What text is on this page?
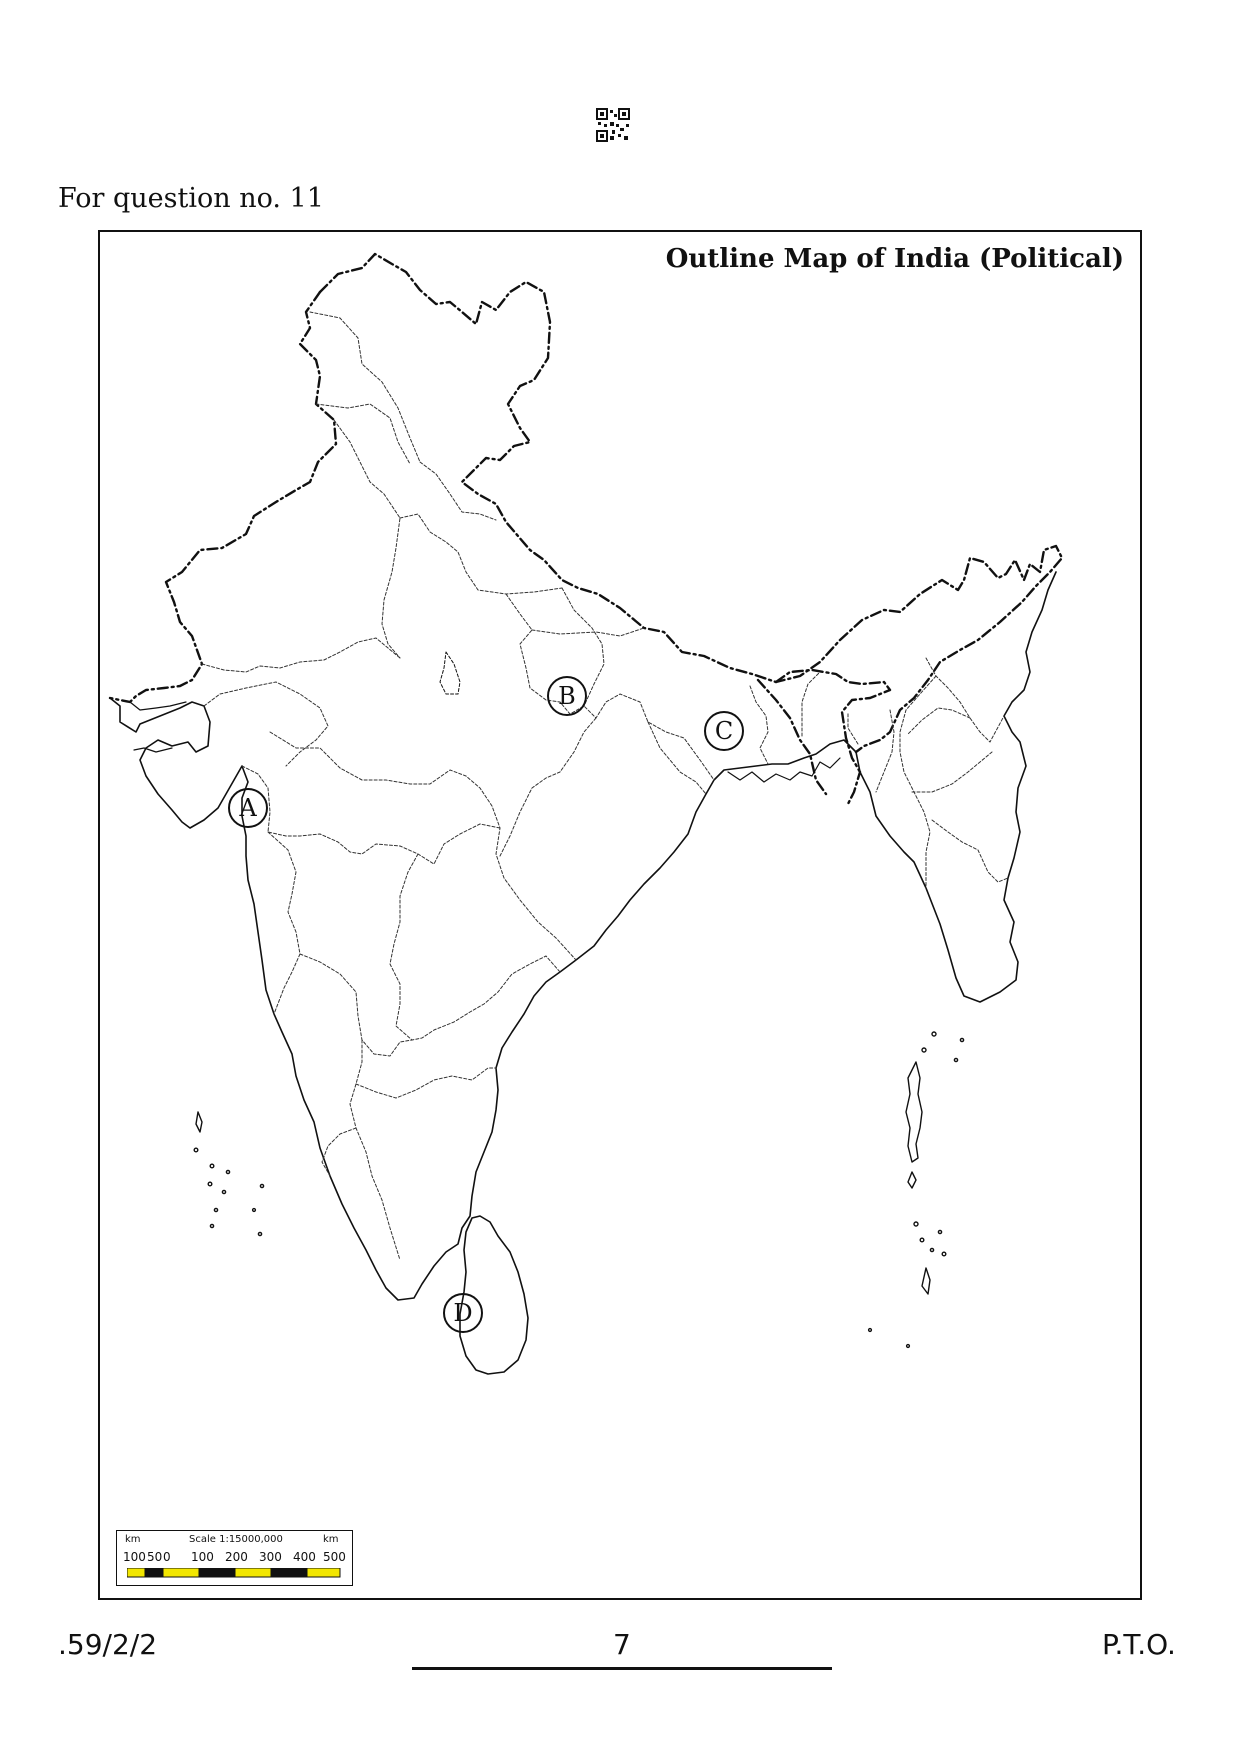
For question no. 11
Outline Map of India (Political)
A
B
C
D
km	Scale 1:15000,000	km
100 50 0 100 200 300 400 500
.59/2/2	7	P.T.O.
